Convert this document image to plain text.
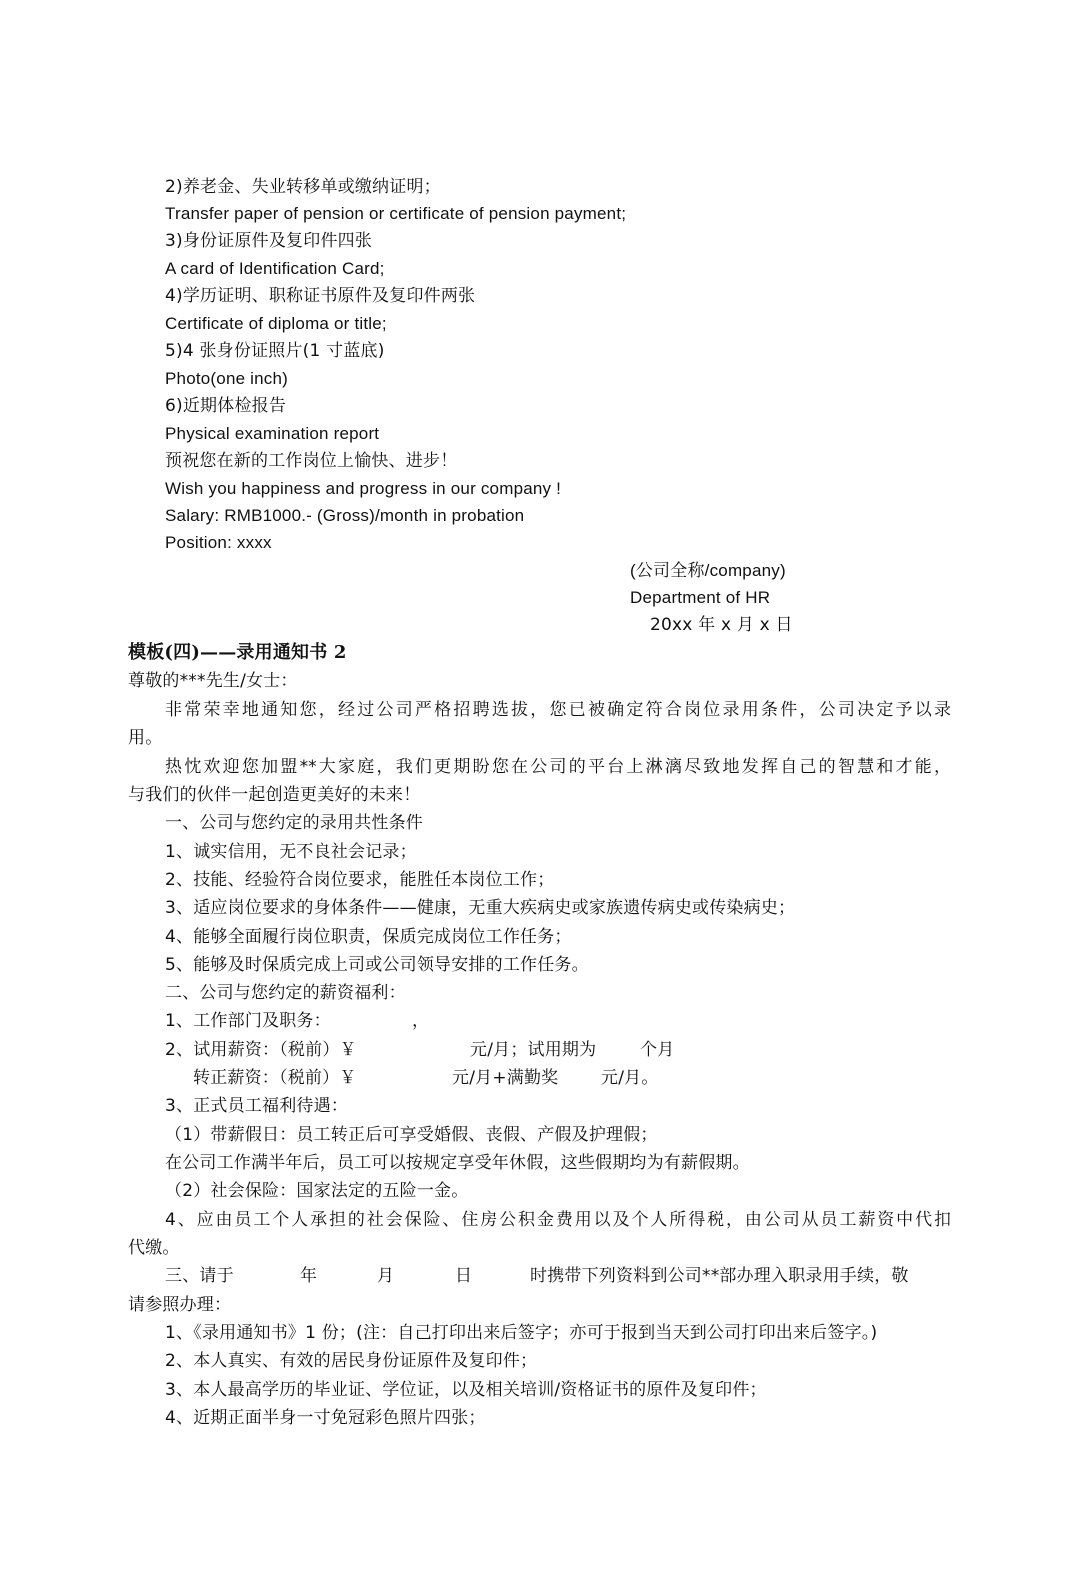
2)养老金、失业转移单或缴纳证明；
Transfer paper of pension or certificate of pension payment;
3)身份证原件及复印件四张
A card of Identification Card;
4)学历证明、职称证书原件及复印件两张
Certificate of diploma or title;
5)4 张身份证照片(1 寸蓝底)
Photo(one inch)
6)近期体检报告
Physical examination report
预祝您在新的工作岗位上愉快、进步！
Wish you happiness and progress in our company !
Salary: RMB1000.- (Gross)/month in probation
Position: xxxx
(公司全称/company)
Department of HR
20xx 年 x 月 x 日
模板(四)——录用通知书 2
尊敬的***先生/女士：
非常荣幸地通知您，经过公司严格招聘选拔，您已被确定符合岗位录用条件，公司决定予以录
用。
热忱欢迎您加盟**大家庭，我们更期盼您在公司的平台上淋漓尽致地发挥自己的智慧和才能，
与我们的伙伴一起创造更美好的未来！
一、公司与您约定的录用共性条件
1、诚实信用，无不良社会记录；
2、技能、经验符合岗位要求，能胜任本岗位工作；
3、适应岗位要求的身体条件——健康，无重大疾病史或家族遗传病史或传染病史；
4、能够全面履行岗位职责，保质完成岗位工作任务；
5、能够及时保质完成上司或公司领导安排的工作任务。
二、公司与您约定的薪资福利：
1、工作部门及职务：	，
2、试用薪资：（税前）￥	元/月；试用期为	个月
转正薪资：（税前）￥	元/月+满勤奖	元/月。
3、正式员工福利待遇：
（1）带薪假日：员工转正后可享受婚假、丧假、产假及护理假；
在公司工作满半年后，员工可以按规定享受年休假，这些假期均为有薪假期。
（2）社会保险：国家法定的五险一金。
4、应由员工个人承担的社会保险、住房公积金费用以及个人所得税，由公司从员工薪资中代扣
代缴。
三、请于	年	月	日	时携带下列资料到公司**部办理入职录用手续，敬
请参照办理：
1、《录用通知书》1 份；(注：自己打印出来后签字；亦可于报到当天到公司打印出来后签字。)
2、本人真实、有效的居民身份证原件及复印件；
3、本人最高学历的毕业证、学位证，以及相关培训/资格证书的原件及复印件；
4、近期正面半身一寸免冠彩色照片四张；
